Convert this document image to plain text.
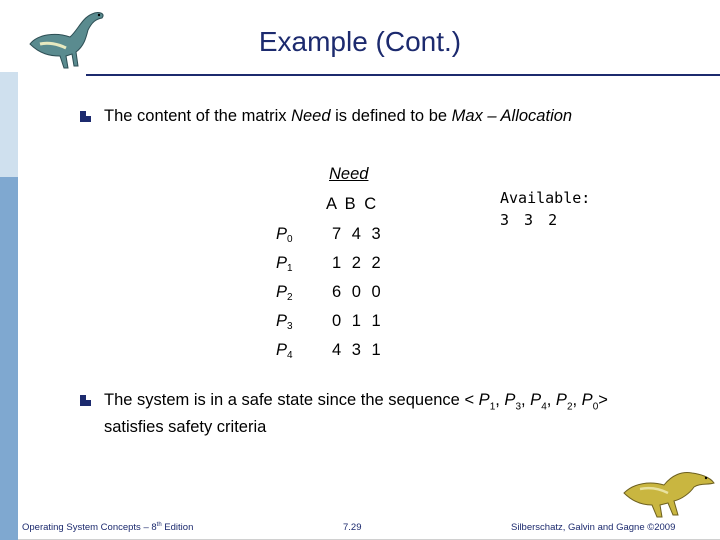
Example (Cont.)
The content of the matrix Need is defined to be Max – Allocation
Need
A B C	Available:
3 3 2
$P_0$ 7 4 3
$P_1$ 1 2 2
$P_2$ 6 0 0
$P_3$ 0 1 1
$P_4$ 4 3 1
The system is in a safe state since the sequence < $P_1$, $P_3$, $P_4$, $P_2$, $P_0>$
satisfies safety criteria
Operating System Concepts – 8th Edition	7.29	Silberschatz, Galvin and Gagne ©2009
